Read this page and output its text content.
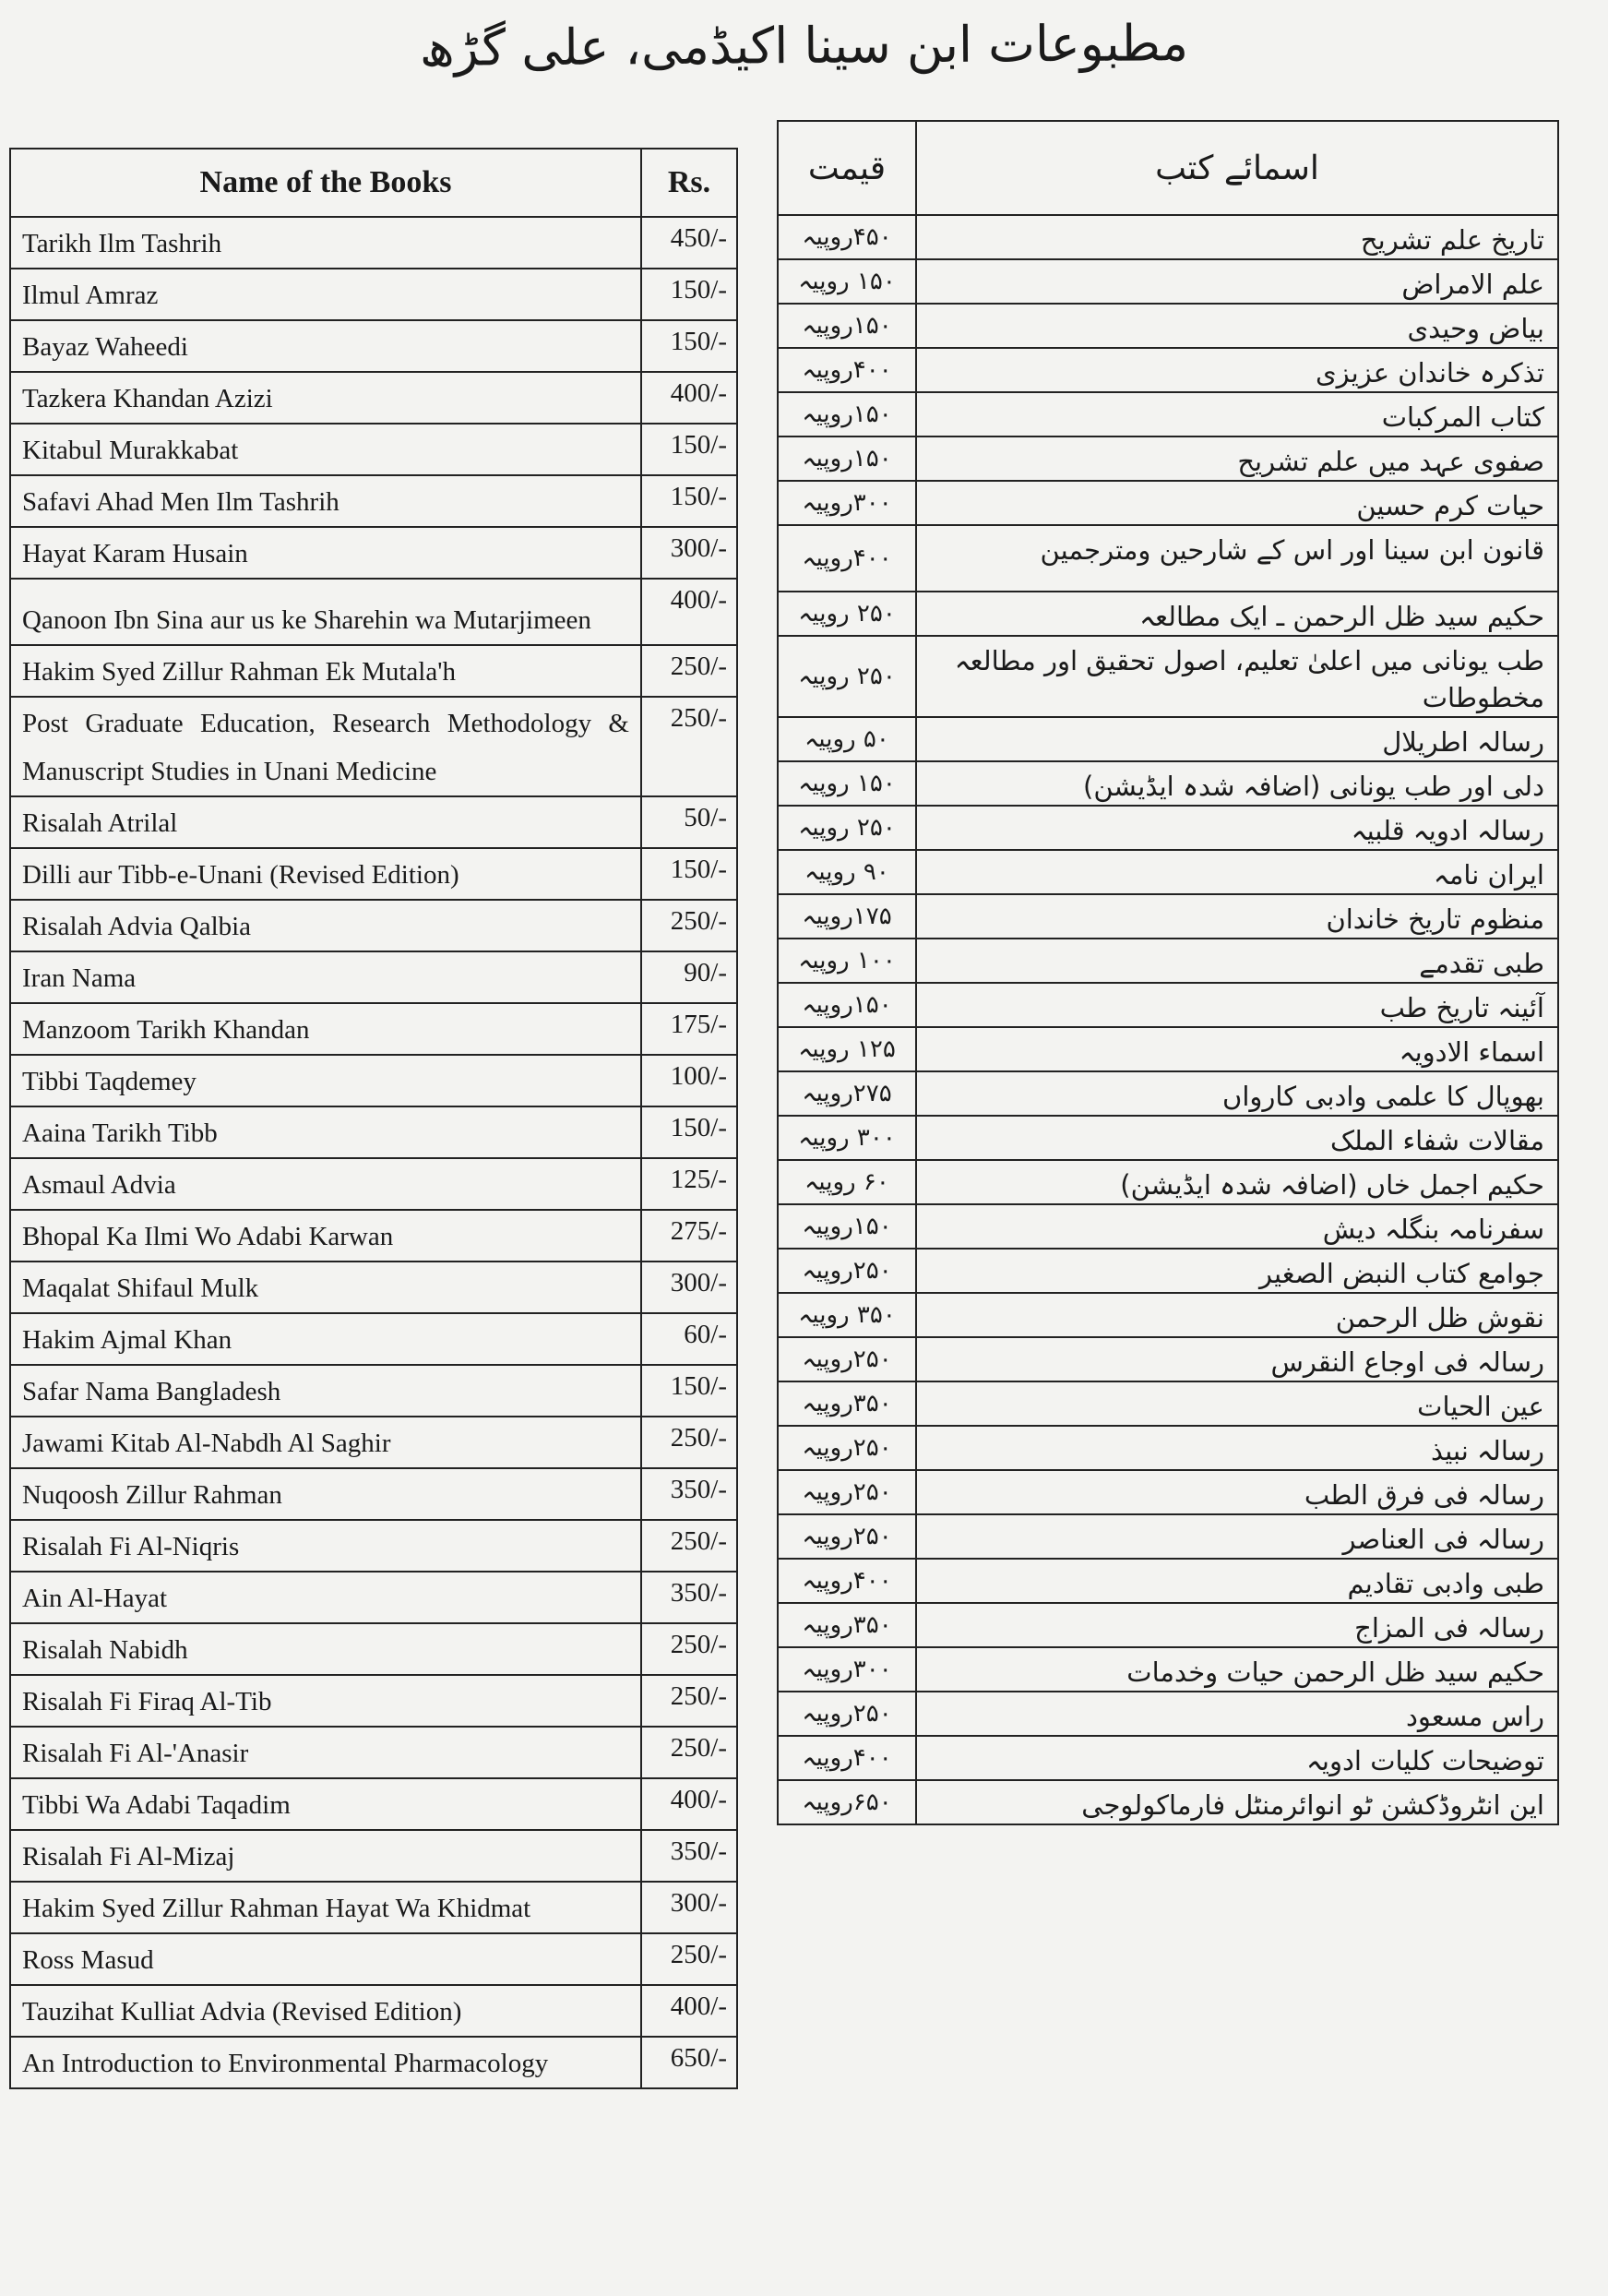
مطبوعات ابن سینا اکیڈمی، علی گڑھ
Name of the Books	Rs.
Tarikh Ilm Tashrih	450/-
Ilmul Amraz	150/-
Bayaz Waheedi	150/-
Tazkera Khandan Azizi	400/-
Kitabul Murakkabat	150/-
Safavi Ahad Men Ilm Tashrih	150/-
Hayat Karam Husain	300/-
Qanoon Ibn Sina aur us ke Sharehin wa Mutarjimeen	400/-
Hakim Syed Zillur Rahman Ek Mutala'h	250/-
Post Graduate Education, Research Methodology & Manuscript Studies in Unani Medicine	250/-
Risalah Atrilal	50/-
Dilli aur Tibb-e-Unani (Revised Edition)	150/-
Risalah Advia Qalbia	250/-
Iran Nama	90/-
Manzoom Tarikh Khandan	175/-
Tibbi Taqdemey	100/-
Aaina Tarikh Tibb	150/-
Asmaul Advia	125/-
Bhopal Ka Ilmi Wo Adabi Karwan	275/-
Maqalat Shifaul Mulk	300/-
Hakim Ajmal Khan	60/-
Safar Nama Bangladesh	150/-
Jawami Kitab Al-Nabdh Al Saghir	250/-
Nuqoosh Zillur Rahman	350/-
Risalah Fi Al-Niqris	250/-
Ain Al-Hayat	350/-
Risalah Nabidh	250/-
Risalah Fi Firaq Al-Tib	250/-
Risalah Fi Al-'Anasir	250/-
Tibbi Wa Adabi Taqadim	400/-
Risalah Fi Al-Mizaj	350/-
Hakim Syed Zillur Rahman Hayat Wa Khidmat	300/-
Ross Masud	250/-
Tauzihat Kulliat Advia (Revised Edition)	400/-
An Introduction to Environmental Pharmacology	650/-
اسمائے کتب	قیمت
تاریخ علم تشریح	۴۵۰روپیہ
علم الامراض	۱۵۰ روپیہ
بیاض وحیدی	۱۵۰روپیہ
تذکرہ خاندان عزیزی	۴۰۰روپیہ
کتاب المرکبات	۱۵۰روپیہ
صفوی عہد میں علم تشریح	۱۵۰روپیہ
حیات کرم حسین	۳۰۰روپیہ
قانون ابن سینا اور اس کے شارحین ومترجمین	۴۰۰روپیہ
حکیم سید ظل الرحمن ـ ایک مطالعہ	۲۵۰ روپیہ
طب یونانی میں اعلیٰ تعلیم، اصول تحقیق اور مطالعہ مخطوطات	۲۵۰ روپیہ
رسالہ اطریلال	۵۰ روپیہ
دلی اور طب یونانی (اضافہ شدہ ایڈیشن)	۱۵۰ روپیہ
رسالہ ادویہ قلبیہ	۲۵۰ روپیہ
ایران نامہ	۹۰ روپیہ
منظوم تاریخ خاندان	۱۷۵روپیہ
طبی تقدمے	۱۰۰ روپیہ
آئینہ تاریخ طب	۱۵۰روپیہ
اسماء الادویہ	۱۲۵ روپیہ
بھوپال کا علمی وادبی کارواں	۲۷۵روپیہ
مقالات شفاء الملک	۳۰۰ روپیہ
حکیم اجمل خاں (اضافہ شدہ ایڈیشن)	۶۰ روپیہ
سفرنامہ بنگلہ دیش	۱۵۰روپیہ
جوامع کتاب النبض الصغیر	۲۵۰روپیہ
نقوش ظل الرحمن	۳۵۰ روپیہ
رسالہ فی اوجاع النقرس	۲۵۰روپیہ
عین الحیات	۳۵۰روپیہ
رسالہ نبیذ	۲۵۰روپیہ
رسالہ فی فرق الطب	۲۵۰روپیہ
رسالہ فی العناصر	۲۵۰روپیہ
طبی وادبی تقادیم	۴۰۰روپیہ
رسالہ فی المزاج	۳۵۰روپیہ
حکیم سید ظل الرحمن حیات وخدمات	۳۰۰روپیہ
راس مسعود	۲۵۰روپیہ
توضیحات کلیات ادویہ	۴۰۰روپیہ
این انٹروڈکشن ٹو انوائرمنٹل فارماکولوجی	۶۵۰روپیہ
